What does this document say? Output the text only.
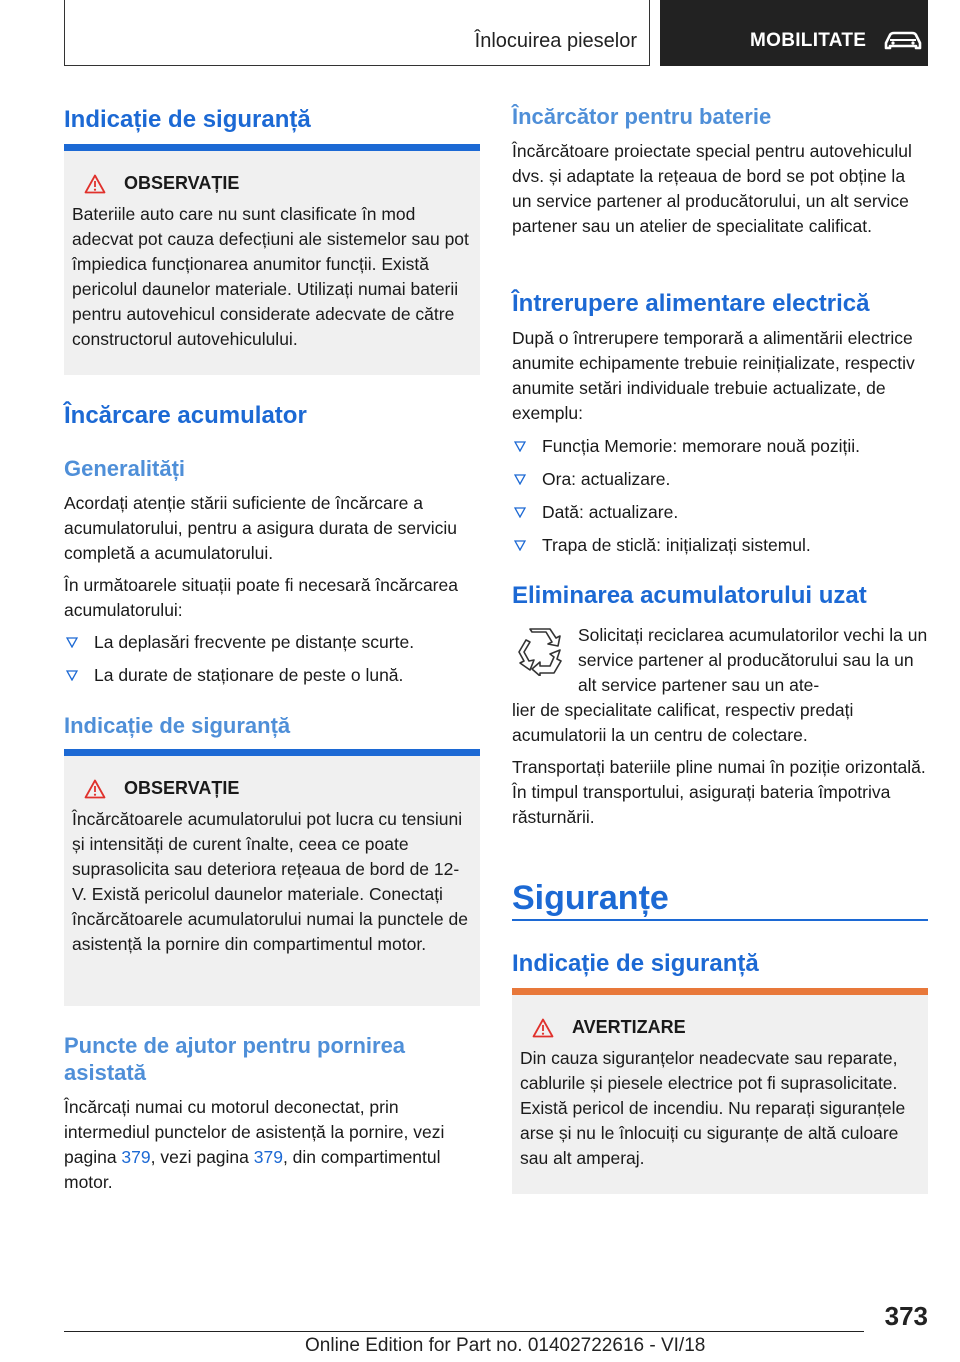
Înlocuirea pieselor	MOBILITATE
Indicație de siguranță
OBSERVAȚIE

Bateriile auto care nu sunt clasificate în mod adecvat pot cauza defecțiuni ale sistemelor sau pot împiedica funcționarea anumitor funcții. Există pericolul daunelor materiale. Utilizați numai baterii pentru autovehicul considerate adecvate de către constructorul autovehiculului.

Încărcare acumulator
Generalități

Acordați atenție stării suficiente de încărcare a acumulatorului, pentru a asigura durata de serviciu completă a acumulatorului.

În următoarele situații poate fi necesară încărcarea acumulatorului:

La deplasări frecvente pe distanțe scurte.
La durate de staționare de peste o lună.
Indicație de siguranță
OBSERVAȚIE

Încărcătoarele acumulatorului pot lucra cu tensiuni și intensități de curent înalte, ceea ce poate suprasolicita sau deteriora rețeaua de bord de 12-V. Există pericolul daunelor materiale. Conectați încărcătoarele acumulatorului numai la punctele de asistență la pornire din compartimentul motor.

Puncte de ajutor pentru pornirea asistată

Încărcați numai cu motorul deconectat, prin intermediul punctelor de asistență la pornire, vezi pagina 379, vezi pagina 379, din compartimentul motor.

Încărcător pentru baterie

Încărcătoare proiectate special pentru autovehiculul dvs. și adaptate la rețeaua de bord se pot obține la un service partener al producătorului, un alt service partener sau un atelier de specialitate calificat.

Întrerupere alimentare electrică

După o întrerupere temporară a alimentării electrice anumite echipamente trebuie reinițializate, respectiv anumite setări individuale trebuie actualizate, de exemplu:

Funcția Memorie: memorare nouă poziții.
Ora: actualizare.
Dată: actualizare.
Trapa de sticlă: inițializați sistemul.
Eliminarea acumulatorului uzat

Solicitați reciclarea acumulatorilor vechi la un service partener al producătorului sau la un alt service partener sau un ate-

lier de specialitate calificat, respectiv predați acumulatorii la un centru de colectare.

Transportați bateriile pline numai în poziție orizontală. În timpul transportului, asigurați bateria împotriva răsturnării.

Siguranțe
Indicație de siguranță
AVERTIZARE

Din cauza siguranțelor neadecvate sau reparate, cablurile și piesele electrice pot fi suprasolicitate. Există pericol de incendiu. Nu reparați siguranțele arse și nu le înlocuiți cu siguranțe de altă culoare sau alt amperaj.

373
Online Edition for Part no. 01402722616 - VI/18
